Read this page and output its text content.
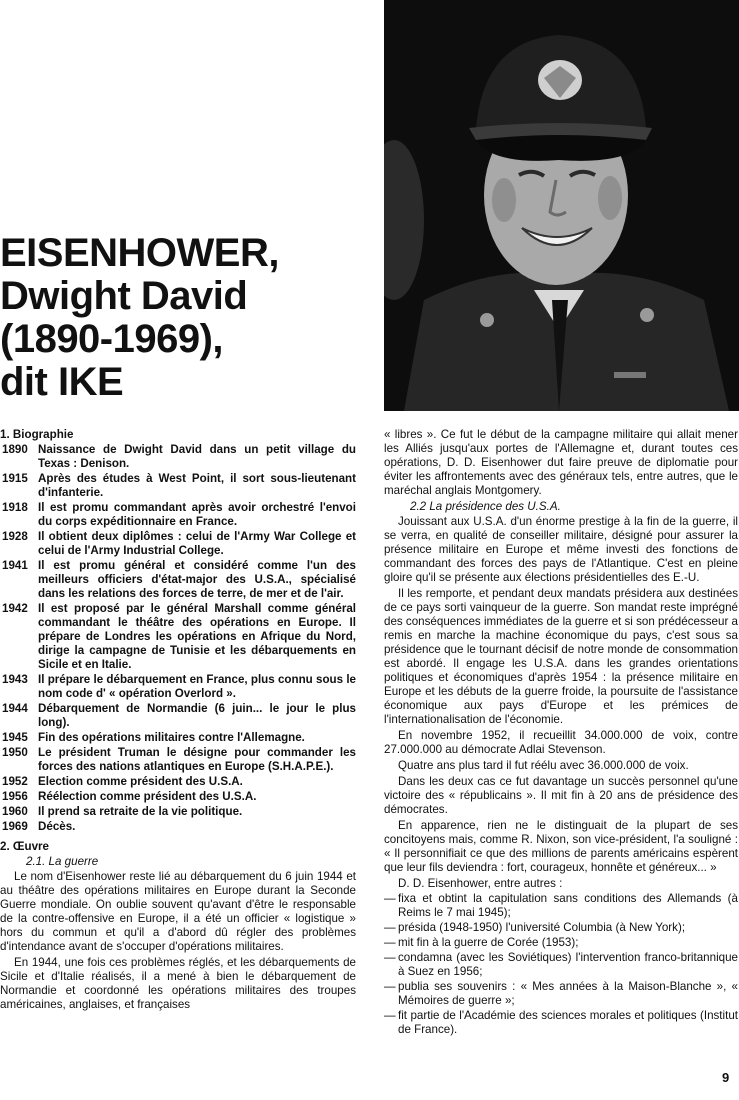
EISENHOWER,
Dwight David
(1890-1969),
dit IKE
1. Biographie
1890 Naissance de Dwight David dans un petit village du Texas : Denison.
1915 Après des études à West Point, il sort sous-lieutenant d'infanterie.
1918 Il est promu commandant après avoir orchestré l'envoi du corps expéditionnaire en France.
1928 Il obtient deux diplômes : celui de l'Army War College et celui de l'Army Industrial College.
1941 Il est promu général et considéré comme l'un des meilleurs officiers d'état-major des U.S.A., spécialisé dans les relations des forces de terre, de mer et de l'air.
1942 Il est proposé par le général Marshall comme général commandant le théâtre des opérations en Europe. Il prépare de Londres les opérations en Afrique du Nord, dirige la campagne de Tunisie et les débarquements en Sicile et en Italie.
1943 Il prépare le débarquement en France, plus connu sous le nom code d' « opération Overlord ».
1944 Débarquement de Normandie (6 juin... le jour le plus long).
1945 Fin des opérations militaires contre l'Allemagne.
1950 Le président Truman le désigne pour commander les forces des nations atlantiques en Europe (S.H.A.P.E.).
1952 Election comme président des U.S.A.
1956 Réélection comme président des U.S.A.
1960 Il prend sa retraite de la vie politique.
1969 Décès.
2. Œuvre
2.1. La guerre

Le nom d'Eisenhower reste lié au débarquement du 6 juin 1944 et au théâtre des opérations militaires en Europe durant la Seconde Guerre mondiale. On oublie souvent qu'avant d'être le responsable de la contre-offensive en Europe, il a été un officier « logistique » hors du commun et qu'il a d'abord dû régler des problèmes d'intendance avant de s'occuper d'opérations militaires.

En 1944, une fois ces problèmes réglés, et les débarquements de Sicile et d'Italie réalisés, il a mené à bien le débarquement de Normandie et coordonné les opérations militaires des troupes américaines, anglaises, et françaises

« libres ». Ce fut le début de la campagne militaire qui allait mener les Alliés jusqu'aux portes de l'Allemagne et, durant toutes ces opérations, D. D. Eisenhower dut faire preuve de diplomatie pour éviter les affrontements avec des généraux tels, entre autres, que le maréchal anglais Montgomery.

2.2 La présidence des U.S.A.

Jouissant aux U.S.A. d'un énorme prestige à la fin de la guerre, il se verra, en qualité de conseiller militaire, désigné pour assurer la présence militaire en Europe et même investi des fonctions de commandant des forces des pays de l'Atlantique. C'est en pleine gloire qu'il se présente aux élections présidentielles des E.-U.

Il les remporte, et pendant deux mandats présidera aux destinées de ce pays sorti vainqueur de la guerre. Son mandat reste imprégné des conséquences immédiates de la guerre et si son prédécesseur a remis en marche la machine économique du pays, c'est sous sa présidence que le tournant décisif de notre monde de consommation est abordé. Il engage les U.S.A. dans les grandes orientations politiques et économiques d'après 1954 : la présence militaire en Europe et les débuts de la guerre froide, la poursuite de l'assistance économique aux pays d'Europe et les prémices de l'internationalisation de l'économie.

En novembre 1952, il recueillit 34.000.000 de voix, contre 27.000.000 au démocrate Adlai Stevenson.

Quatre ans plus tard il fut réélu avec 36.000.000 de voix.

Dans les deux cas ce fut davantage un succès personnel qu'une victoire des « républicains ». Il mit fin à 20 ans de présidence des démocrates.

En apparence, rien ne le distinguait de la plupart de ses concitoyens mais, comme R. Nixon, son vice-président, l'a souligné : « Il personnifiait ce que des millions de parents américains espèrent que leur fils deviendra : fort, courageux, honnête et généreux... »

D. D. Eisenhower, entre autres :
— fixa et obtint la capitulation sans conditions des Allemands (à Reims le 7 mai 1945);
— présida (1948-1950) l'université Columbia (à New York);
— mit fin à la guerre de Corée (1953);
— condamna (avec les Soviétiques) l'intervention franco-britannique à Suez en 1956;
— publia ses souvenirs : « Mes années à la Maison-Blanche », « Mémoires de guerre »;
— fit partie de l'Académie des sciences morales et politiques (Institut de France).
9
